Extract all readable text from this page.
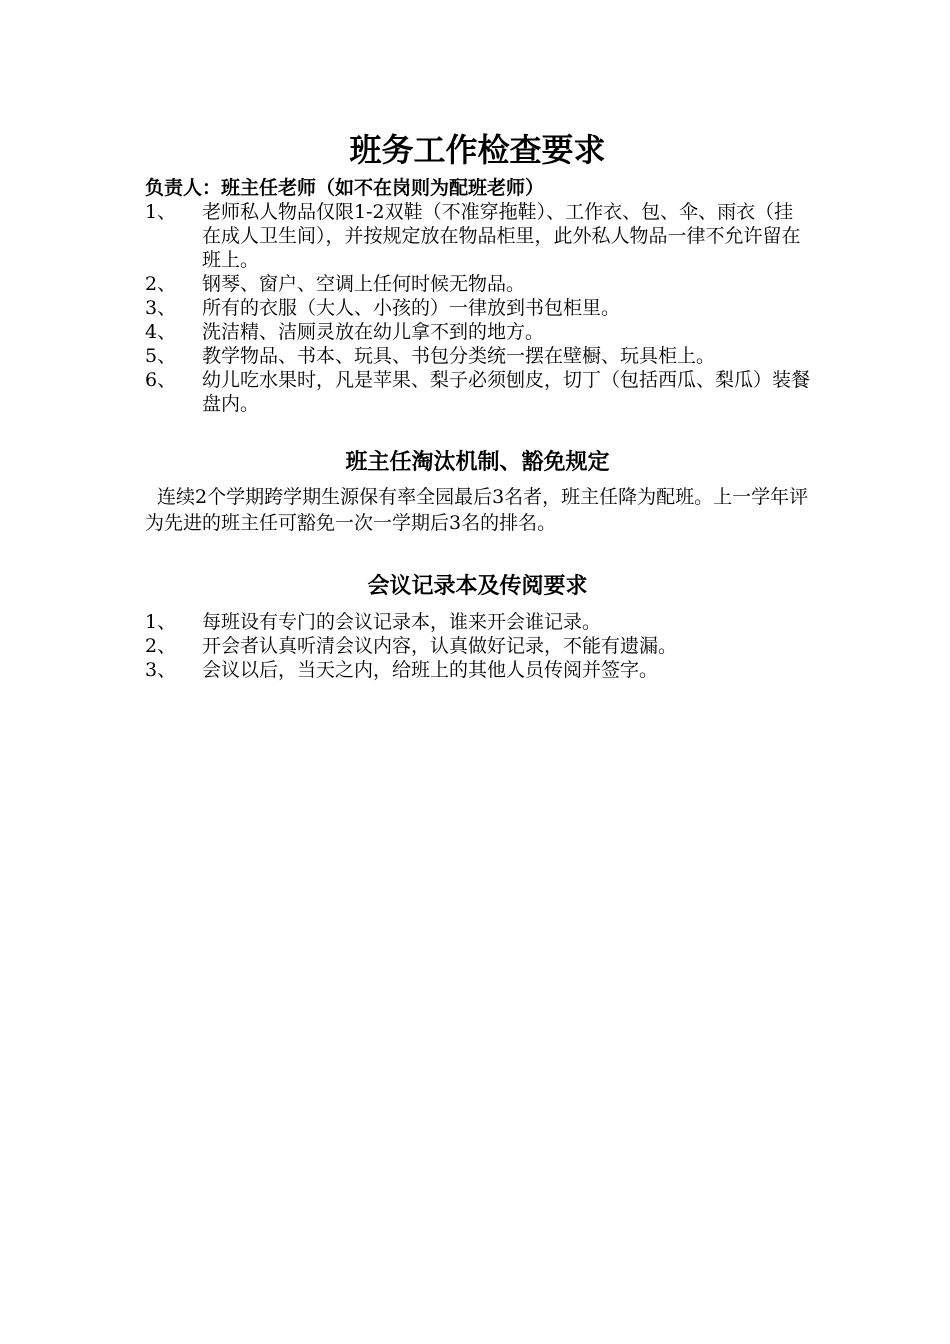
班务工作检查要求

负责人：班主任老师（如不在岗则为配班老师）

1、	老师私人物品仅限1-2双鞋（不准穿拖鞋）、工作衣、包、伞、雨衣（挂在成人卫生间），并按规定放在物品柜里，此外私人物品一律不允许留在班上。
2、	钢琴、窗户、空调上任何时候无物品。
3、	所有的衣服（大人、小孩的）一律放到书包柜里。
4、	洗洁精、洁厕灵放在幼儿拿不到的地方。
5、	教学物品、书本、玩具、书包分类统一摆在壁橱、玩具柜上。
6、	幼儿吃水果时，凡是苹果、梨子必须刨皮，切丁（包括西瓜、梨瓜）装餐盘内。
班主任淘汰机制、豁免规定

连续2个学期跨学期生源保有率全园最后3名者，班主任降为配班。上一学年评为先进的班主任可豁免一次一学期后3名的排名。

会议记录本及传阅要求
1、	每班设有专门的会议记录本，谁来开会谁记录。
2、	开会者认真听清会议内容，认真做好记录，不能有遗漏。
3、	会议以后，当天之内，给班上的其他人员传阅并签字。
